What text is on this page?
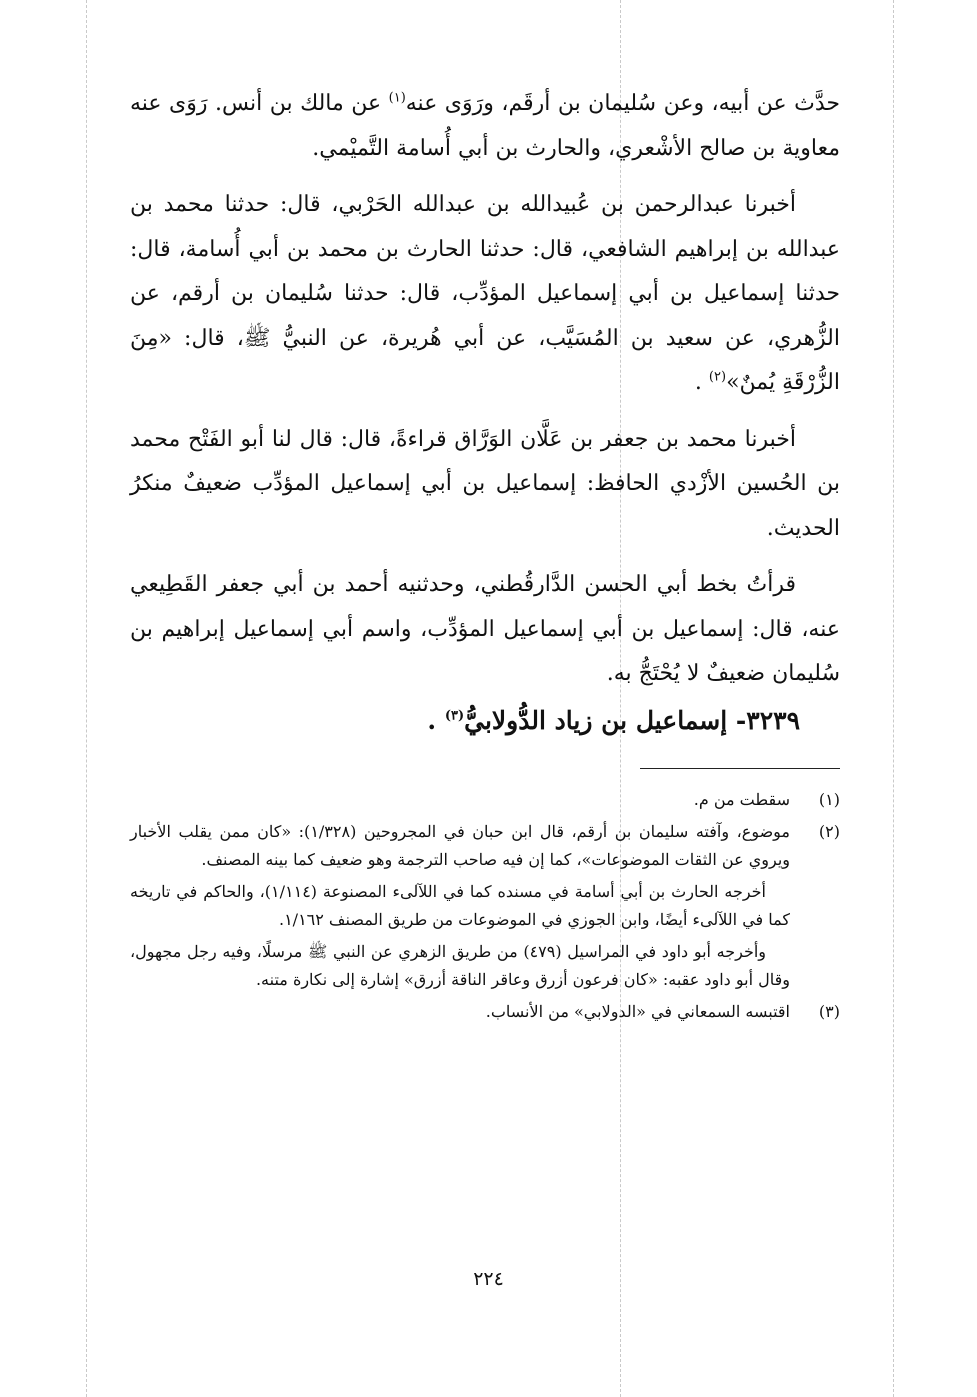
حدَّث عن أبيه، وعن سُليمان بن أرقَم، ورَوَى عنه$^{(١)}$ عن مالك بن أنس. رَوَى عنه معاوية بن صالح الأشْعري، والحارث بن أبي أُسامة التَّميْمي.

أخبرنا عبدالرحمن بن عُبيدالله بن عبدالله الحَرْبي، قال: حدثنا محمد بن عبدالله بن إبراهيم الشافعي، قال: حدثنا الحارث بن محمد بن أبي أُسامة، قال: حدثنا إسماعيل بن أبي إسماعيل المؤدِّب، قال: حدثنا سُليمان بن أرقم، عن الزُّهري، عن سعيد بن المُسَيَّب، عن أبي هُريرة، عن النبيُّ ﷺ، قال: «مِنَ الزُّرْقَةِ يُمنٌ»$^{(٢)}$ .

أخبرنا محمد بن جعفر بن عَلَّان الوَرَّاق قراءةً، قال: قال لنا أبو الفَتْح محمد بن الحُسين الأزْدي الحافظ: إسماعيل بن أبي إسماعيل المؤدِّب ضعيفٌ منكرُ الحديث.

قرأتُ بخط أبي الحسن الدَّارقُطني، وحدثنيه أحمد بن أبي جعفر القَطِيعي عنه، قال: إسماعيل بن أبي إسماعيل المؤدِّب، واسم أبي إسماعيل إبراهيم بن سُليمان ضعيفٌ لا يُحْتَجُّ به.

٣٢٣٩- إسماعيل بن زياد الدُّولابيُّ$^{(٣)}$ .
(١)

سقطت من م.

(٢)

موضوع، وآفته سليمان بن أرقم، قال ابن حبان في المجروحين (١/٣٢٨): «كان ممن يقلب الأخبار ويروي عن الثقات الموضوعات»، كما إن فيه صاحب الترجمة وهو ضعيف كما بينه المصنف.

أخرجه الحارث بن أبي أسامة في مسنده كما في اللآلىء المصنوعة (١/١١٤)، والحاكم في تاريخه كما في اللآلىء أيضًا، وابن الجوزي في الموضوعات من طريق المصنف ١/١٦٢.

وأخرجه أبو داود في المراسيل (٤٧٩) من طريق الزهري عن النبي ﷺ مرسلًا، وفيه رجل مجهول، وقال أبو داود عقبه: «كان فرعون أزرق وعاقر الناقة أزرق» إشارة إلى نكارة متنه.

(٣)

اقتبسه السمعاني في «الدولابي» من الأنساب.

٢٢٤
